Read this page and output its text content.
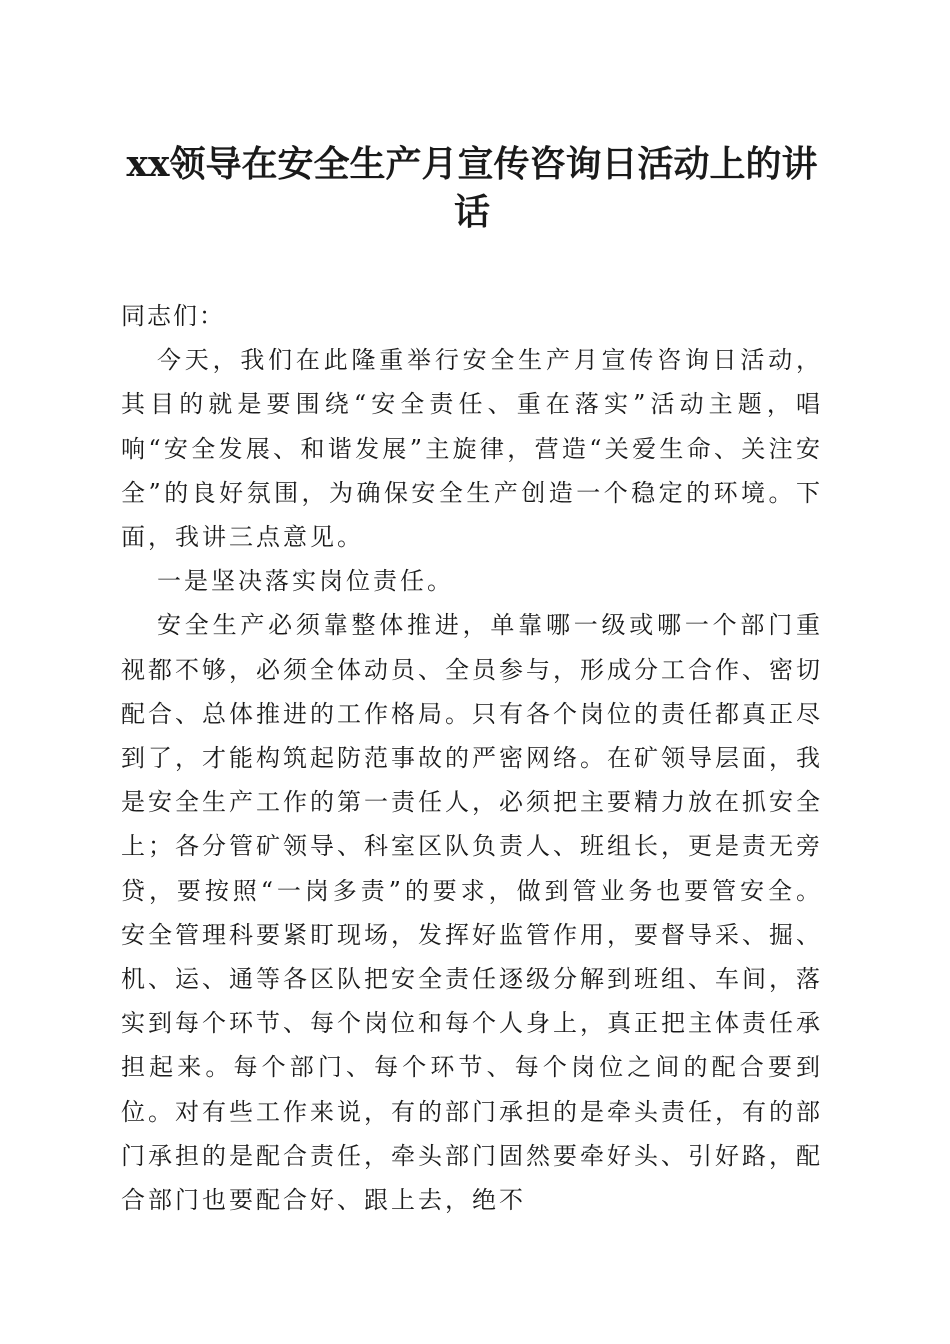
xx领导在安全生产月宣传咨询日活动上的讲话

同志们：

今天，我们在此隆重举行安全生产月宣传咨询日活动，其目的就是要围绕“安全责任、重在落实”活动主题，唱响“安全发展、和谐发展”主旋律，营造“关爱生命、关注安全”的良好氛围，为确保安全生产创造一个稳定的环境。下面，我讲三点意见。

一是坚决落实岗位责任。

安全生产必须靠整体推进，单靠哪一级或哪一个部门重视都不够，必须全体动员、全员参与，形成分工合作、密切配合、总体推进的工作格局。只有各个岗位的责任都真正尽到了，才能构筑起防范事故的严密网络。在矿领导层面，我是安全生产工作的第一责任人，必须把主要精力放在抓安全上；各分管矿领导、科室区队负责人、班组长，更是责无旁贷，要按照“一岗多责”的要求，做到管业务也要管安全。安全管理科要紧盯现场，发挥好监管作用，要督导采、掘、机、运、通等各区队把安全责任逐级分解到班组、车间，落实到每个环节、每个岗位和每个人身上，真正把主体责任承担起来。每个部门、每个环节、每个岗位之间的配合要到位。对有些工作来说，有的部门承担的是牵头责任，有的部门承担的是配合责任，牵头部门固然要牵好头、引好路，配合部门也要配合好、跟上去，绝不
